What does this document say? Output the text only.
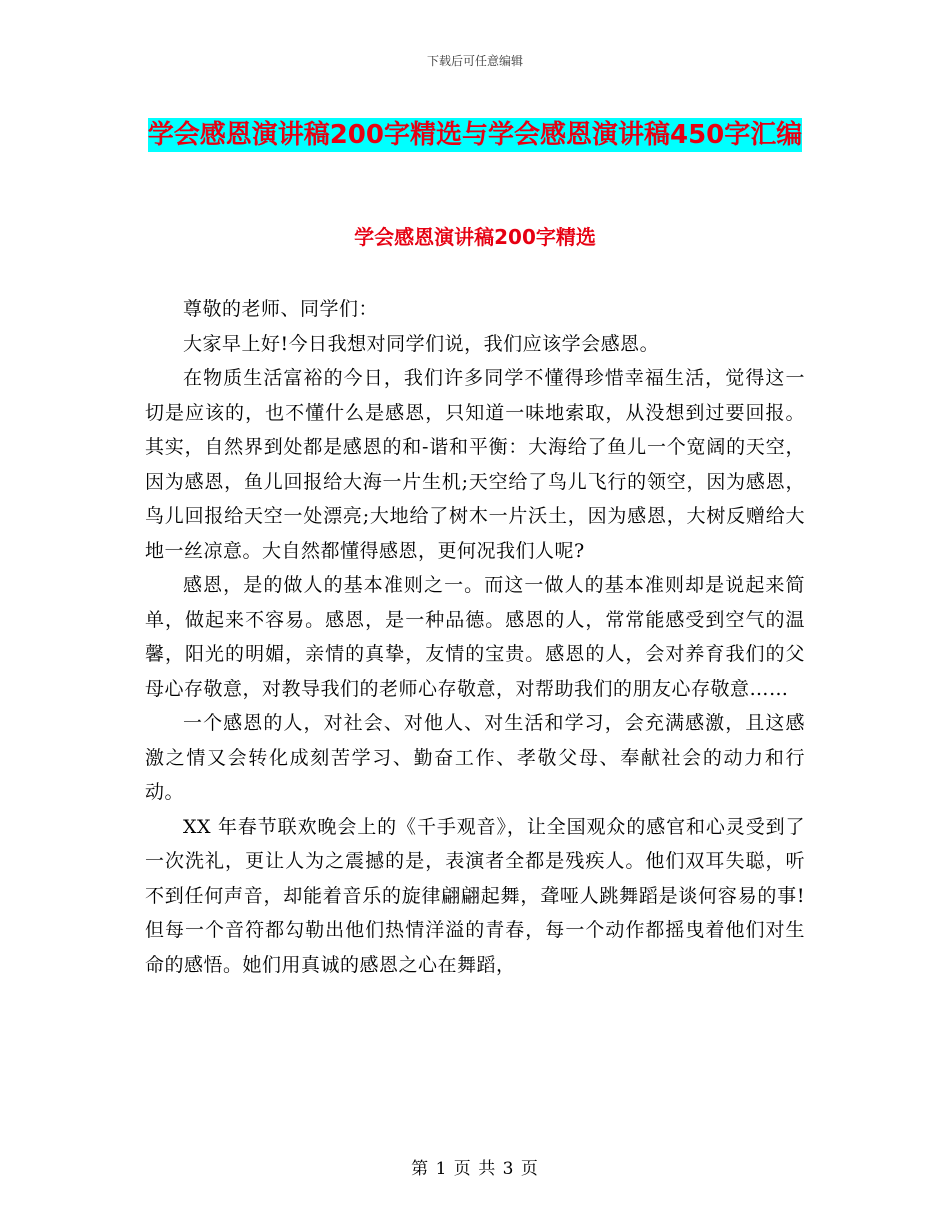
下载后可任意编辑
学会感恩演讲稿200字精选与学会感恩演讲稿450字汇编
学会感恩演讲稿200字精选

尊敬的老师、同学们：

大家早上好!今日我想对同学们说，我们应该学会感恩。

在物质生活富裕的今日，我们许多同学不懂得珍惜幸福生活，觉得这一切是应该的，也不懂什么是感恩，只知道一味地索取，从没想到过要回报。其实，自然界到处都是感恩的和-谐和平衡：大海给了鱼儿一个宽阔的天空，因为感恩，鱼儿回报给大海一片生机;天空给了鸟儿飞行的领空，因为感恩，鸟儿回报给天空一处漂亮;大地给了树木一片沃土，因为感恩，大树反赠给大地一丝凉意。大自然都懂得感恩，更何况我们人呢?

感恩，是的做人的基本准则之一。而这一做人的基本准则却是说起来简单，做起来不容易。感恩，是一种品德。感恩的人，常常能感受到空气的温馨，阳光的明媚，亲情的真挚，友情的宝贵。感恩的人，会对养育我们的父母心存敬意，对教导我们的老师心存敬意，对帮助我们的朋友心存敬意……

一个感恩的人，对社会、对他人、对生活和学习，会充满感激，且这感激之情又会转化成刻苦学习、勤奋工作、孝敬父母、奉献社会的动力和行动。

XX 年春节联欢晚会上的《千手观音》，让全国观众的感官和心灵受到了一次洗礼，更让人为之震撼的是，表演者全都是残疾人。他们双耳失聪，听不到任何声音，却能着音乐的旋律翩翩起舞，聋哑人跳舞蹈是谈何容易的事!但每一个音符都勾勒出他们热情洋溢的青春，每一个动作都摇曳着他们对生命的感悟。她们用真诚的感恩之心在舞蹈，

第 1 页 共 3 页
